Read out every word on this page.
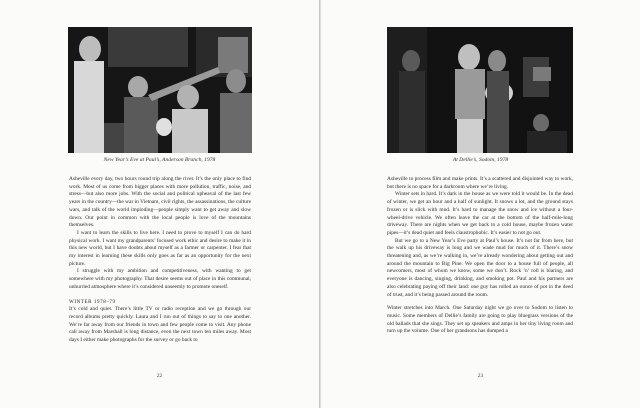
New Year’s Eve at Paul’s, Anderson Branch, 1978

Asheville every day, two hours round trip along the river. It’s the only place to find work. Most of us come from bigger places with more pollution, traffic, noise, and stress—but also more jobs. With the social and political upheaval of the last few years in the country—the war in Vietnam, civil rights, the assassinations, the culture wars, and talk of the world imploding—people simply want to get away and slow down. Our point in common with the local people is love of the mountains themselves.

I want to learn the skills to live here. I need to prove to myself I can do hard physical work. I want my grandparents’ focused work ethic and desire to make it in this new world, but I have doubts about myself as a farmer or carpenter. I fear that my interest in learning these skills only goes as far as an opportunity for the next picture.

I struggle with my ambition and competitiveness, with wanting to get somewhere with my photography. That desire seems out of place in this communal, unhurried atmosphere where it’s considered unseemly to promote oneself.

WINTER 1978–79

It’s cold and quiet. There’s little TV or radio reception and we go through our record albums pretty quickly. Laura and I run out of things to say to one another. We’re far away from our friends in town and few people come to visit. Any phone call away from Marshall is long distance, even the next town ten miles away. Most days I either make photographs for the survey or go back to

22
At Dellie’s, Sodom, 1978

Asheville to process film and make prints. It’s a scattered and disjointed way to work, but there is no space for a darkroom where we’re living.

Winter sets in hard. It’s dark in the house as we were told it would be. In the dead of winter, we get an hour and a half of sunlight. It snows a lot, and the ground stays frozen or is slick with mud. It’s hard to manage the snow and ice without a four-wheel-drive vehicle. We often leave the car at the bottom of the half-mile-long driveway. There are nights when we get back to a cold house, maybe frozen water pipes—it’s dead quiet and feels claustrophobic. It’s easier to not go out.

But we go to a New Year’s Eve party at Paul’s house. It’s not far from here, but the walk up his driveway is long and we wade mud for much of it. There’s snow threatening and, as we’re walking in, we’re already wondering about getting out and around the mountain to Big Pine. We open the door to a house full of people, all newcomers, most of whom we know, some we don’t. Rock ’n’ roll is blaring, and everyone is dancing, singing, drinking, and smoking pot. Paul and his partners are also celebrating paying off their land: one guy has rolled an ounce of pot in the deed of trust, and it’s being passed around the room.

Winter stretches into March. One Saturday night we go over to Sodom to listen to music. Some members of Dellie’s family are going to play bluegrass versions of the old ballads that she sings. They set up speakers and amps in her tiny living room and turn up the volume. One of her grandsons has dumped a

23
